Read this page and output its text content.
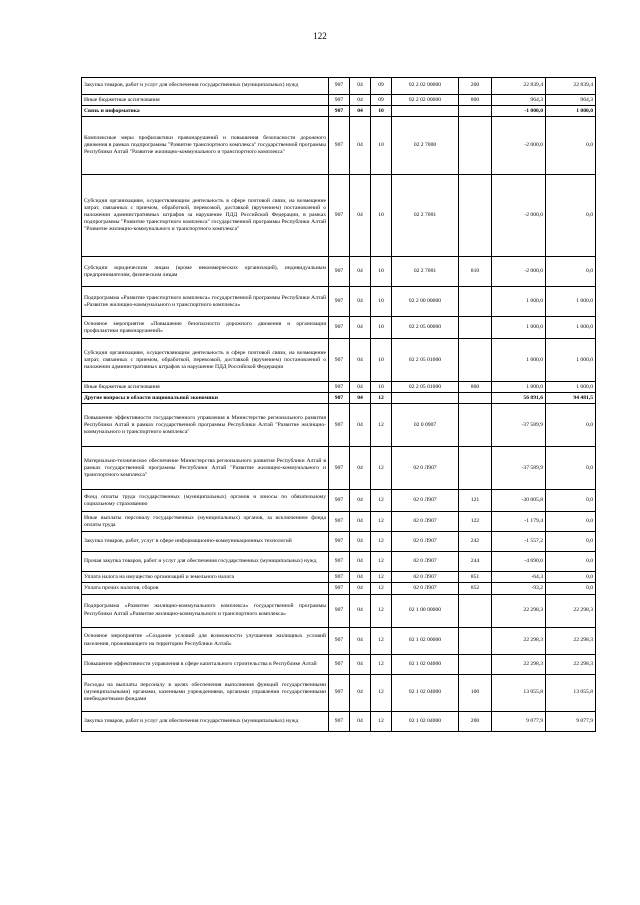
122
Закупка товаров, работ и услуг для обеспечения государственных (муниципальных) нужд	907	04	09	02 2 02 00000	200	22 839,4	22 839,4
Иные бюджетные ассигнования	907	04	09	02 2 02 00000	800	964,3	964,3
Связь и информатика	907	04	10			-1 000,0	1 000,0
Комплексные меры профилактики правонарушений и повышения безопасности дорожного движения в рамках подпрограммы "Развитие транспортного комплекса" государственной программы Республики Алтай "Развитие жилищно-коммунального и транспортного комплекса"	907	04	10	02 2 7000		-2 000,0	0,0
Субсидия организациям, осуществляющим деятельность в сфере почтовой связи, на возмещение затрат, связанных с приемом, обработкой, перевозкой, доставкой (вручением) постановлений о наложении административных штрафов за нарушение ПДД Российской Федерации, в рамках подпрограммы "Развитие транспортного комплекса" государственной программы Республики Алтай "Развитие жилищно-коммунального и транспортного комплекса"	907	04	10	02 2 7001		-2 000,0	0,0
Субсидии юридическим лицам (кроме некоммерческих организаций), индивидуальным предпринимателям, физическим лицам	907	04	10	02 2 7001	810	-2 000,0	0,0
Подпрограмма «Развитие транспортного комплекса» государственной программы Республики Алтай «Развитие жилищно-коммунального и транспортного комплекса»	907	04	10	02 2 00 00000		1 000,0	1 000,0
Основное мероприятие «Повышение безопасности дорожного движения и организация профилактики правонарушений»	907	04	10	02 2 05 00000		1 000,0	1 000,0
Субсидия организациям, осуществляющим деятельность в сфере почтовой связи, на возмещение затрат, связанных с приемом, обработкой, перевозкой, доставкой (вручением) постановлений о наложении административных штрафов за нарушение ПДД Российской Федерации	907	04	10	02 2 05 01000		1 000,0	1 000,0
Иные бюджетные ассигнования	907	04	10	02 2 05 01000	800	1 000,0	1 000,0
Другие вопросы в области национальной экономики	907	04	12			56 891,6	94 481,5
Повышение эффективности государственного управления в Министерстве регионального развития Республики Алтай в рамках государственной программы Республики Алтай "Развитие жилищно-коммунального и транспортного комплекса"	907	04	12	02 0 0907		-37 589,9	0,0
Материально-техническое обеспечение Министерства регионального развития Республики Алтай в рамках государственной программы Республики Алтай "Развитие жилищно-коммунального и транспортного комплекса"	907	04	12	02 0 Л907		-37 589,9	0,0
Фонд оплаты труда государственных (муниципальных) органов и взносы по обязательному социальному страхованию	907	04	12	02 0 Л907	121	-30 005,8	0,0
Иные выплаты персоналу государственных (муниципальных) органов, за исключением фонда оплаты труда	907	04	12	02 0 Л907	122	-1 179,4	0,0
Закупка товаров, работ, услуг в сфере информационно-коммуникационных технологий	907	04	12	02 0 Л907	242	-1 557,2	0,0
Прочая закупка товаров, работ и услуг для обеспечения государственных (муниципальных) нужд	907	04	12	02 0 Л907	244	-4 690,0	0,0
Уплата налога на имущество организаций и земельного налога	907	04	12	02 0 Л907	851	-64,3	0,0
Уплата прочих налогов, сборов	907	04	12	02 0 Л907	852	-93,2	0,0
Подпрограмма «Развитие жилищно-коммунального комплекса» государственной программы Республики Алтай «Развитие жилищно-коммунального и транспортного комплекса»	907	04	12	02 1 00 00000		22 298,3	22 298,3
Основное мероприятие «Создание условий для возможности улучшения жилищных условий населения, проживающего на территории Республики Алтай»	907	04	12	02 1 02 00000		22 298,3	22 298,3
Повышение эффективности управления в сфере капитального строительства в Республике Алтай	907	04	12	02 1 02 04000		22 298,3	22 298,3
Расходы на выплаты персоналу в целях обеспечения выполнения функций государственными (муниципальными) органами, казенными учреждениями, органами управления государственными внебюджетными фондами	907	04	12	02 1 02 04000	100	13 055,8	13 055,8
Закупка товаров, работ и услуг для обеспечения государственных (муниципальных) нужд	907	04	12	02 1 02 04000	200	9 077,9	9 077,9
